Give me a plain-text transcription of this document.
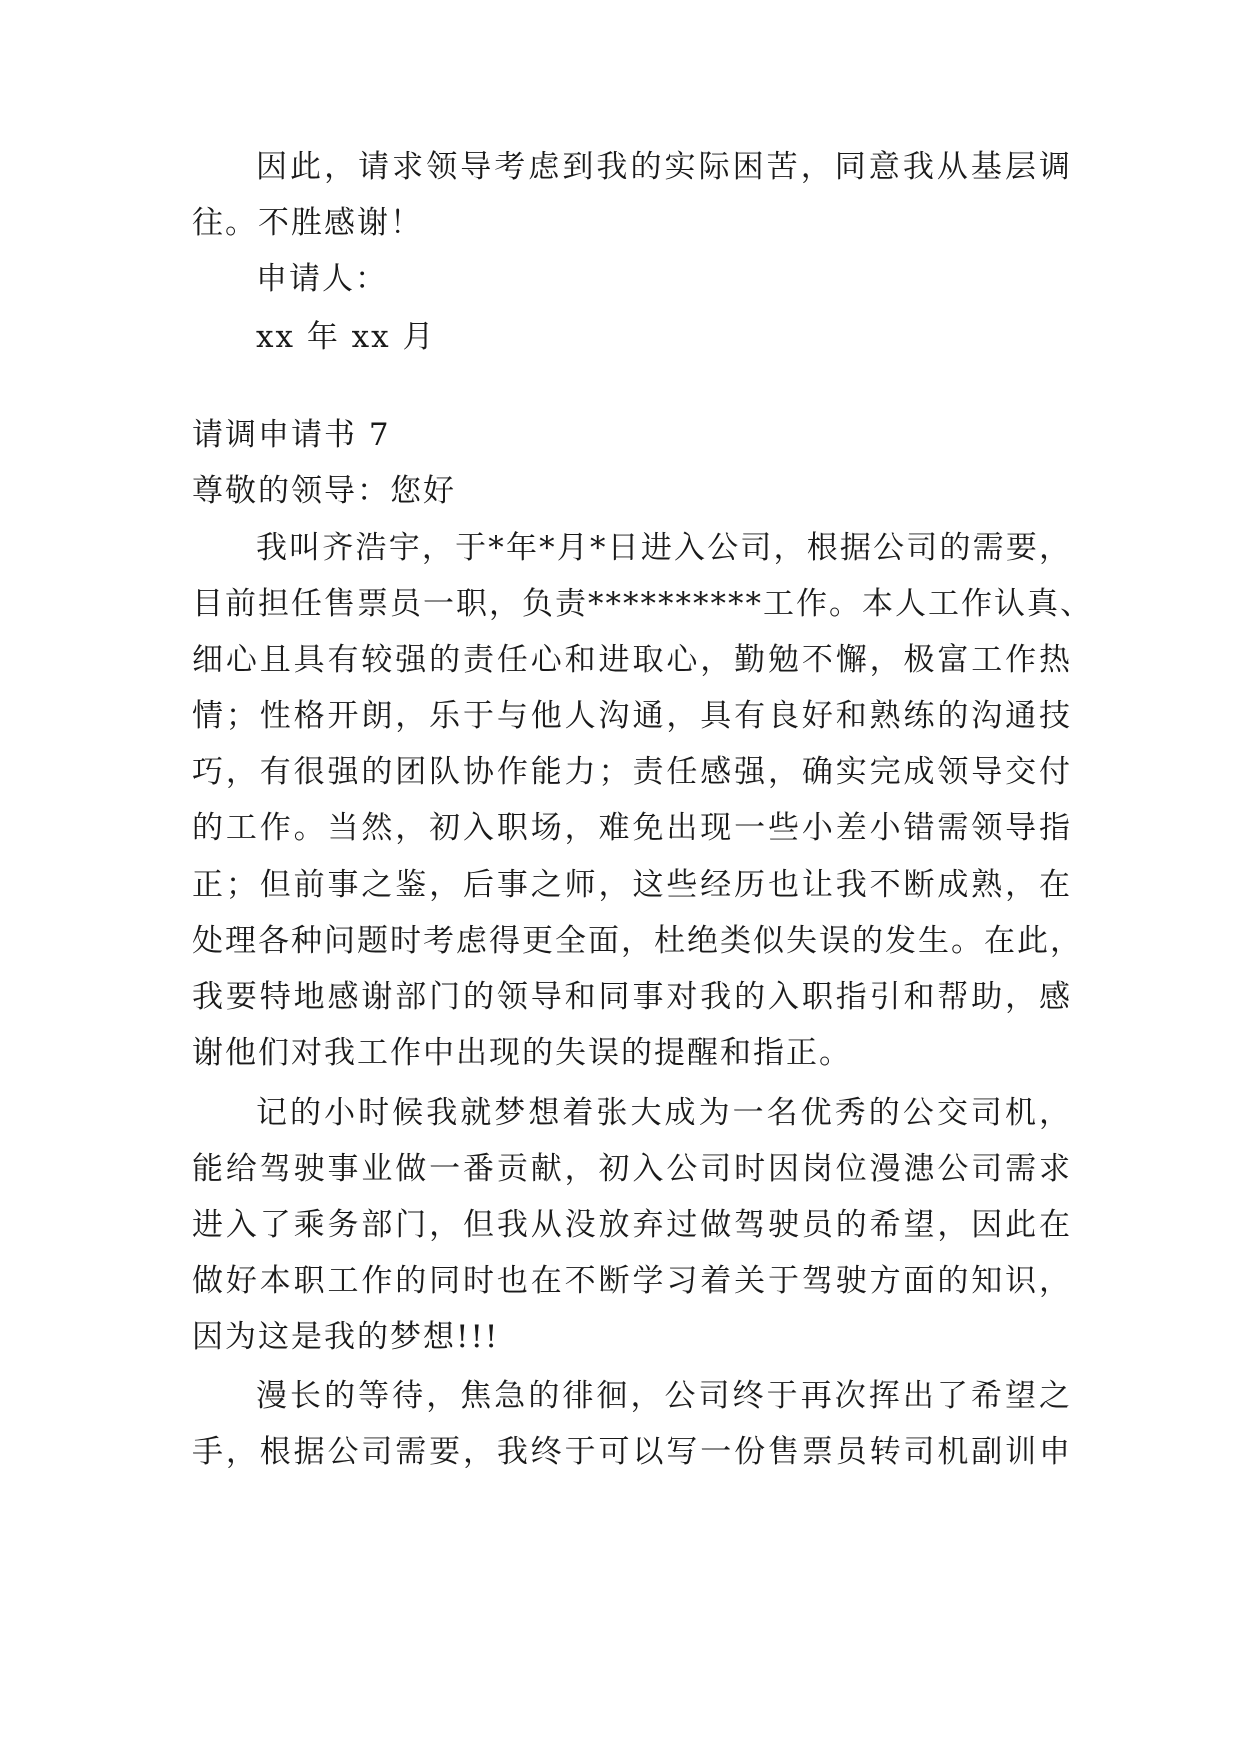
因此，请求领导考虑到我的实际困苦，同意我从基层调
往。不胜感谢！
申请人：
xx 年 xx 月
请调申请书 7
尊敬的领导：您好
我叫齐浩宇，于*年*月*日进入公司，根据公司的需要，
目前担任售票员一职，负责**********工作。本人工作认真、
细心且具有较强的责任心和进取心，勤勉不懈，极富工作热
情；性格开朗，乐于与他人沟通，具有良好和熟练的沟通技
巧，有很强的团队协作能力；责任感强，确实完成领导交付
的工作。当然，初入职场，难免出现一些小差小错需领导指
正；但前事之鉴，后事之师，这些经历也让我不断成熟，在
处理各种问题时考虑得更全面，杜绝类似失误的发生。在此，
我要特地感谢部门的领导和同事对我的入职指引和帮助，感
谢他们对我工作中出现的失误的提醒和指正。
记的小时候我就梦想着张大成为一名优秀的公交司机，
能给驾驶事业做一番贡献，初入公司时因岗位漫漶公司需求
进入了乘务部门，但我从没放弃过做驾驶员的希望，因此在
做好本职工作的同时也在不断学习着关于驾驶方面的知识，
因为这是我的梦想!!!
漫长的等待，焦急的徘徊，公司终于再次挥出了希望之
手，根据公司需要，我终于可以写一份售票员转司机副训申
